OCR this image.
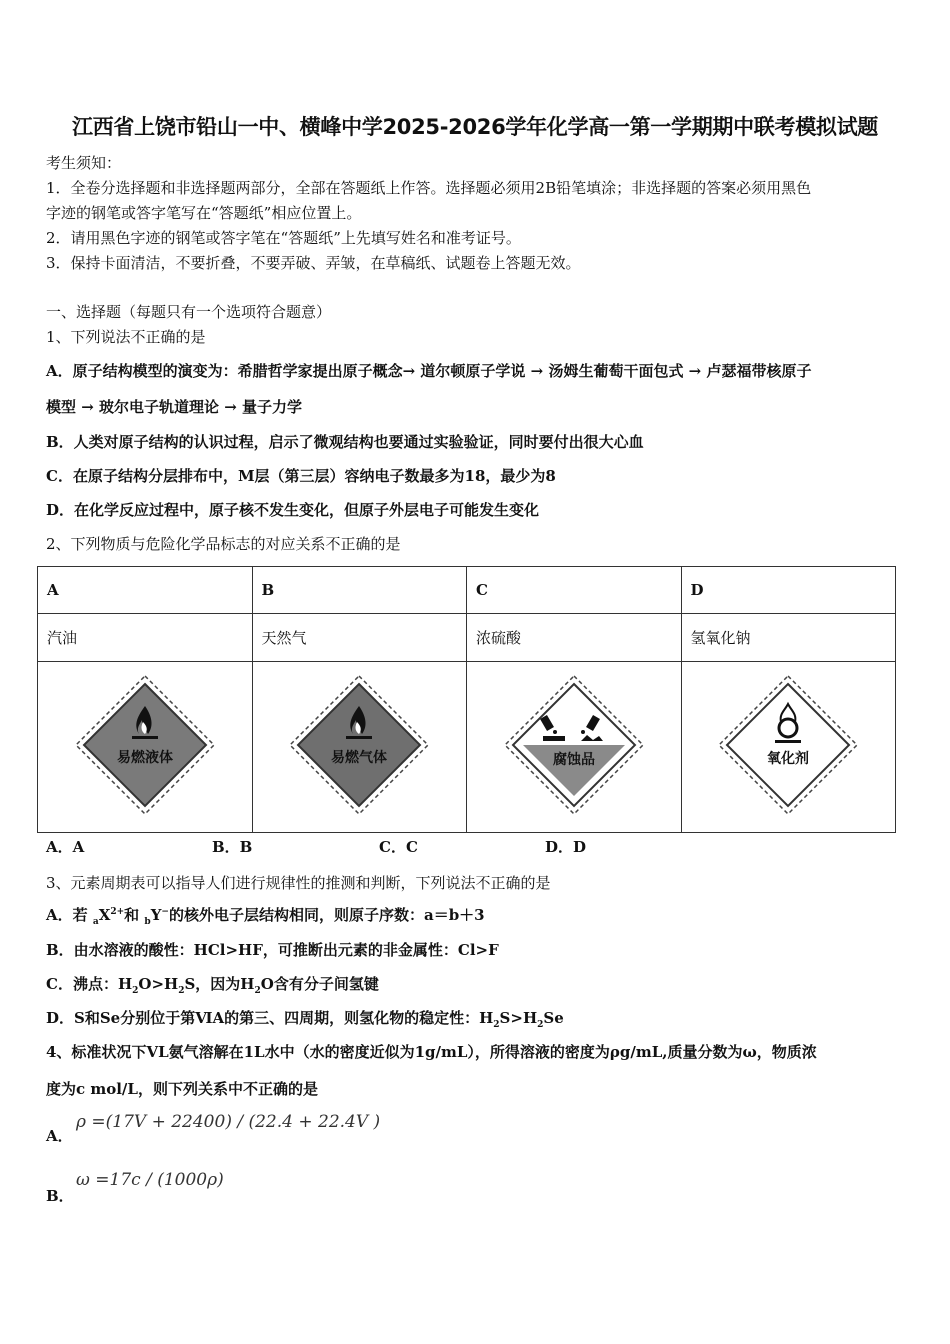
江西省上饶市铅山一中、横峰中学2025-2026学年化学高一第一学期期中联考模拟试题
考生须知：
1．全卷分选择题和非选择题两部分，全部在答题纸上作答。选择题必须用2B铅笔填涂；非选择题的答案必须用黑色
字迹的钢笔或答字笔写在“答题纸”相应位置上。
2．请用黑色字迹的钢笔或答字笔在“答题纸”上先填写姓名和准考证号。
3．保持卡面清洁，不要折叠，不要弄破、弄皱，在草稿纸、试题卷上答题无效。
一、选择题（每题只有一个选项符合题意）
1、下列说法不正确的是
A．原子结构模型的演变为：希腊哲学家提出原子概念→ 道尔顿原子学说 → 汤姆生葡萄干面包式 → 卢瑟福带核原子
模型 → 玻尔电子轨道理论 → 量子力学
B．人类对原子结构的认识过程，启示了微观结构也要通过实验验证，同时要付出很大心血
C．在原子结构分层排布中，M层（第三层）容纳电子数最多为18，最少为8
D．在化学反应过程中，原子核不发生变化，但原子外层电子可能发生变化
2、下列物质与危险化学品标志的对应关系不正确的是
A	B	C	D
汽油	天然气	浓硫酸	氢氧化钠

易燃液体	易燃气体	腐蚀品	氧化剂
A．A	B．B	C．C	D．D
3、元素周期表可以指导人们进行规律性的推测和判断，下列说法不正确的是
A．若 $_aX^{2+}$和 $_b$Y−的核外电子层结构相同，则原子序数：a＝b＋3
B．由水溶液的酸性：HCl>HF，可推断出元素的非金属性：Cl>F
C．沸点：$H_2O>H_2S$，因为$H_2O$含有分子间氢键
D．S和Se分别位于第ⅥA的第三、四周期，则氢化物的稳定性：$H_2S>H_2Se$
4、标准状况下VL氨气溶解在1L水中（水的密度近似为1g/mL），所得溶液的密度为ρg/mL,质量分数为ω，物质浓
度为c mol/L，则下列关系中不正确的是
A．
ρ =(17V + 22400) / (22.4 + 22.4V )
B．
ω =17c / (1000ρ)
